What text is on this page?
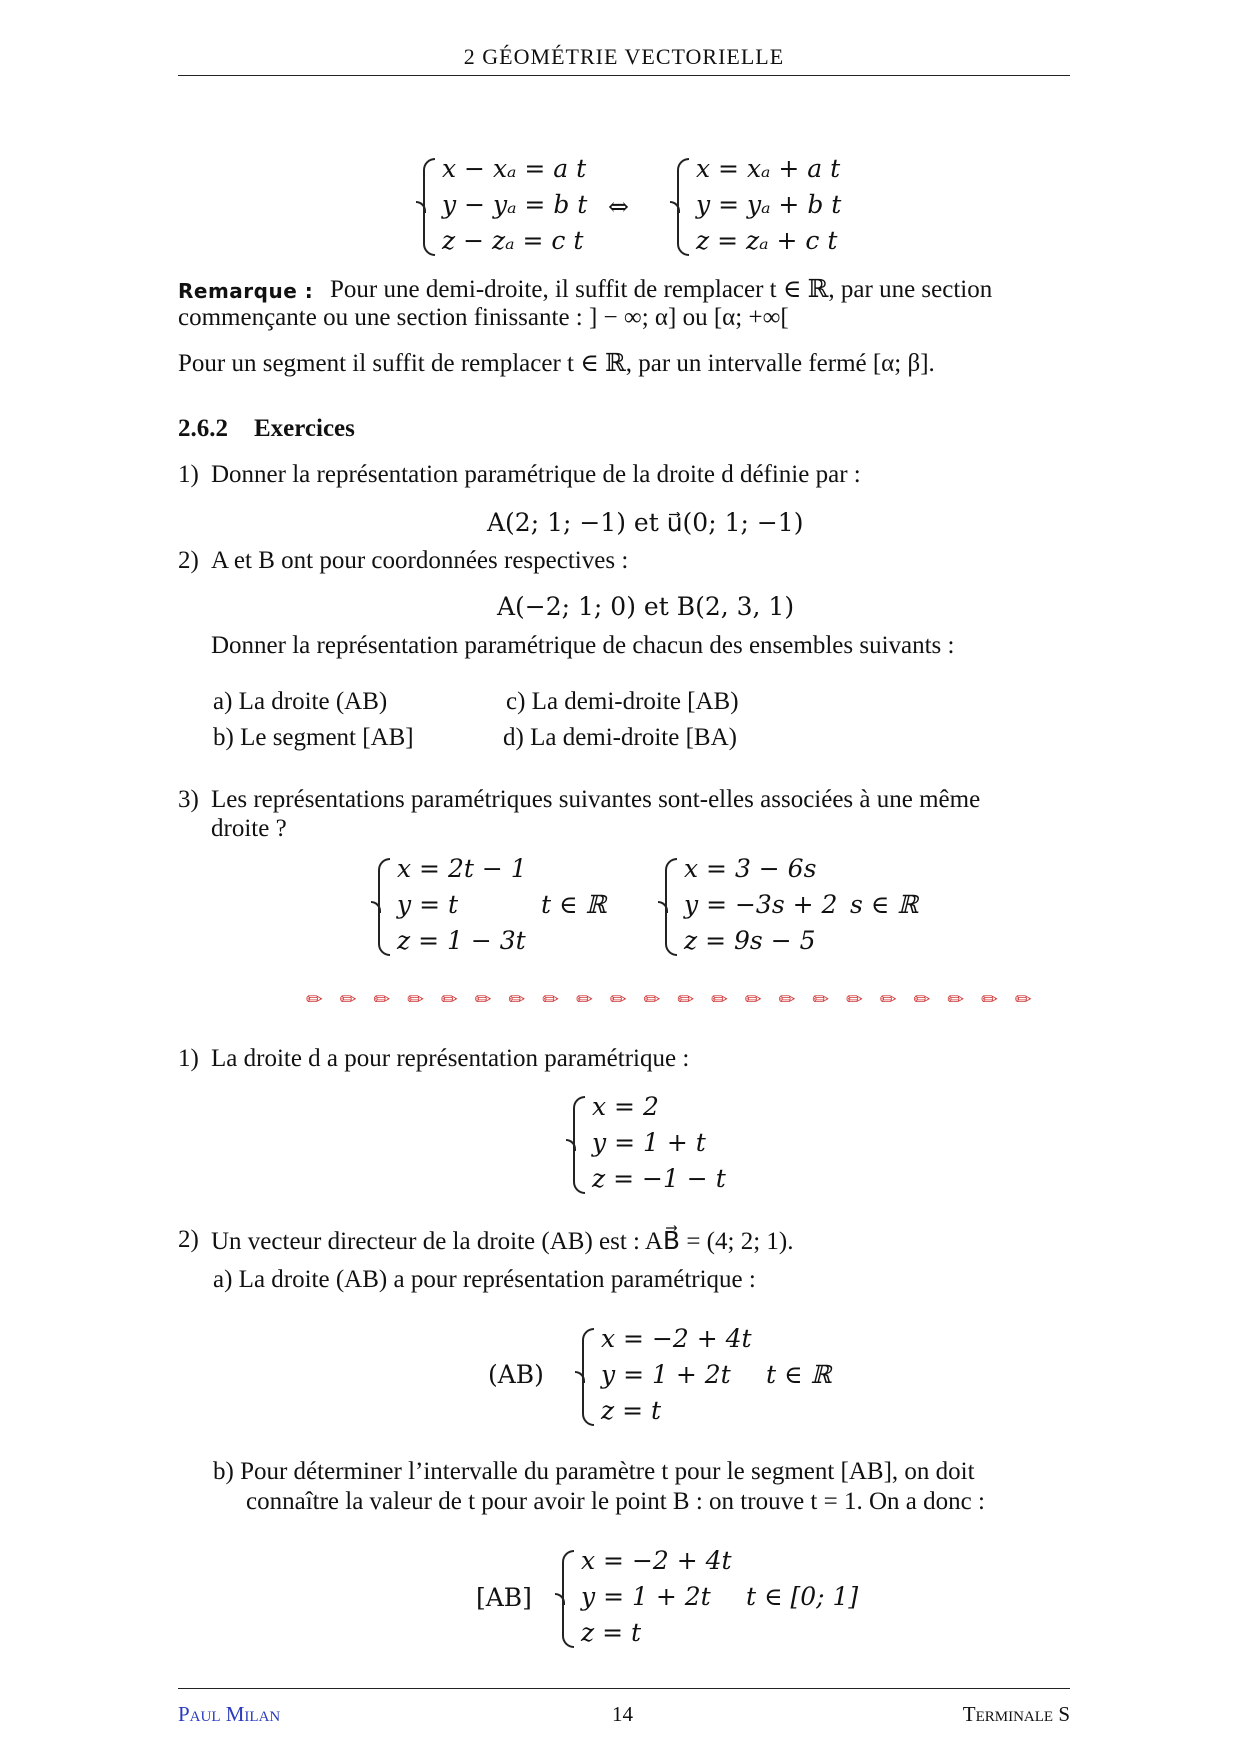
2 GÉOMÉTRIE VECTORIELLE
x − xₐ = a t
y − yₐ = b t
z − zₐ = c t
⇔
x = xₐ + a t
y = yₐ + b t
z = zₐ + c t
Remarque : Pour une demi-droite, il suffit de remplacer t ∈ ℝ, par une section
commençante ou une section finissante : ] − ∞; α] ou [α; +∞[
Pour un segment il suffit de remplacer t ∈ ℝ, par un intervalle fermé [α; β].
2.6.2 Exercices
1) Donner la représentation paramétrique de la droite d définie par :
A(2; 1; −1) et u⃗(0; 1; −1)
2) A et B ont pour coordonnées respectives :
A(−2; 1; 0) et B(2, 3, 1)
Donner la représentation paramétrique de chacun des ensembles suivants :
a) La droite (AB)	c) La demi-droite [AB)
b) Le segment [AB]	d) La demi-droite [BA)
3) Les représentations paramétriques suivantes sont-elles associées à une même
droite ?
x = 2t − 1
y = t
z = 1 − 3t
t ∈ ℝ
x = 3 − 6s
y = −3s + 2
z = 9s − 5
s ∈ ℝ
✏ ✏ ✏ ✏ ✏ ✏ ✏ ✏ ✏ ✏ ✏ ✏ ✏ ✏ ✏ ✏ ✏ ✏ ✏ ✏ ✏ ✏
1) La droite d a pour représentation paramétrique :
x = 2
y = 1 + t
z = −1 − t
2) Un vecteur directeur de la droite (AB) est : AB⃗ = (4; 2; 1).
a) La droite (AB) a pour représentation paramétrique :
(AB)
x = −2 + 4t
y = 1 + 2t
z = t
t ∈ ℝ
b) Pour déterminer l’intervalle du paramètre t pour le segment [AB], on doit
connaître la valeur de t pour avoir le point B : on trouve t = 1. On a donc :
[AB]
x = −2 + 4t
y = 1 + 2t
z = t
t ∈ [0; 1]
Paul Milan	14	Terminale S
